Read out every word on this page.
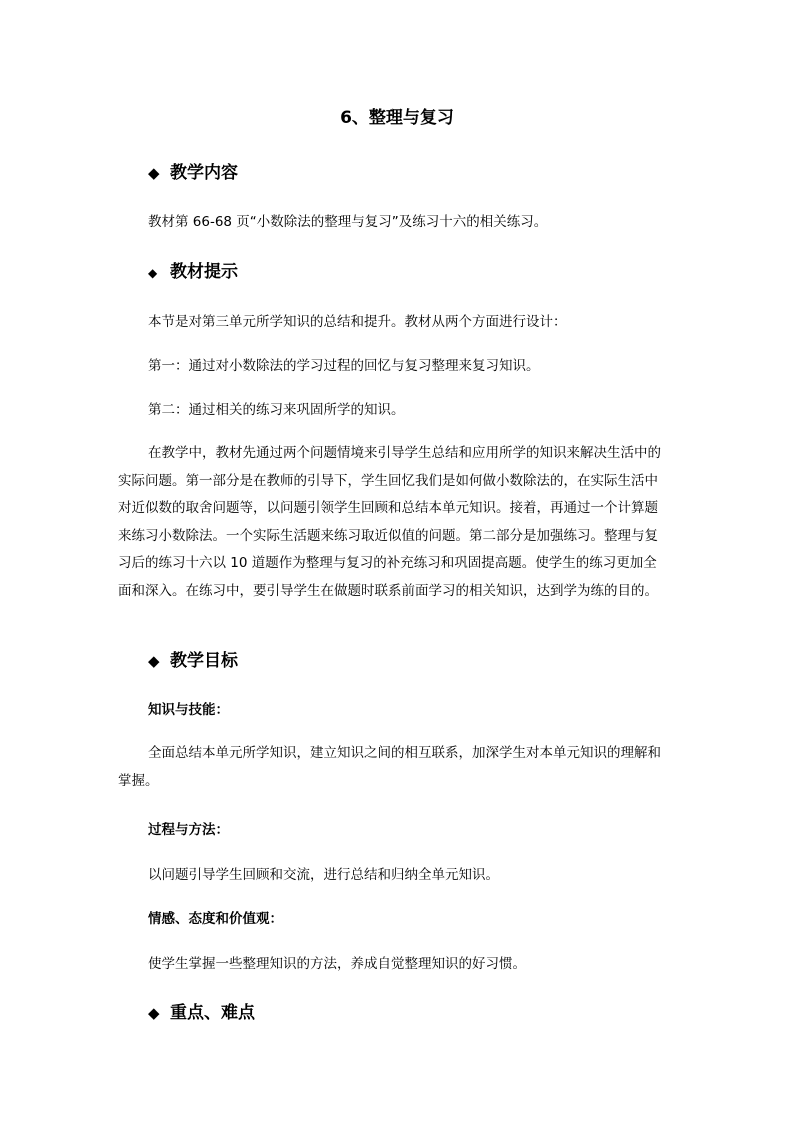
6、整理与复习
◆ 教学内容
教材第 66-68 页“小数除法的整理与复习”及练习十六的相关练习。
◆ 教材提示
本节是对第三单元所学知识的总结和提升。教材从两个方面进行设计：
第一：通过对小数除法的学习过程的回忆与复习整理来复习知识。
第二：通过相关的练习来巩固所学的知识。
在教学中，教材先通过两个问题情境来引导学生总结和应用所学的知识来解决生活中的
实际问题。第一部分是在教师的引导下，学生回忆我们是如何做小数除法的，在实际生活中
对近似数的取舍问题等，以问题引领学生回顾和总结本单元知识。接着，再通过一个计算题
来练习小数除法。一个实际生活题来练习取近似值的问题。第二部分是加强练习。整理与复
习后的练习十六以 10 道题作为整理与复习的补充练习和巩固提高题。使学生的练习更加全
面和深入。在练习中，要引导学生在做题时联系前面学习的相关知识，达到学为练的目的。
◆ 教学目标
知识与技能：
全面总结本单元所学知识，建立知识之间的相互联系，加深学生对本单元知识的理解和
掌握。
过程与方法：
以问题引导学生回顾和交流，进行总结和归纳全单元知识。
情感、态度和价值观：
使学生掌握一些整理知识的方法，养成自觉整理知识的好习惯。
◆ 重点、难点
